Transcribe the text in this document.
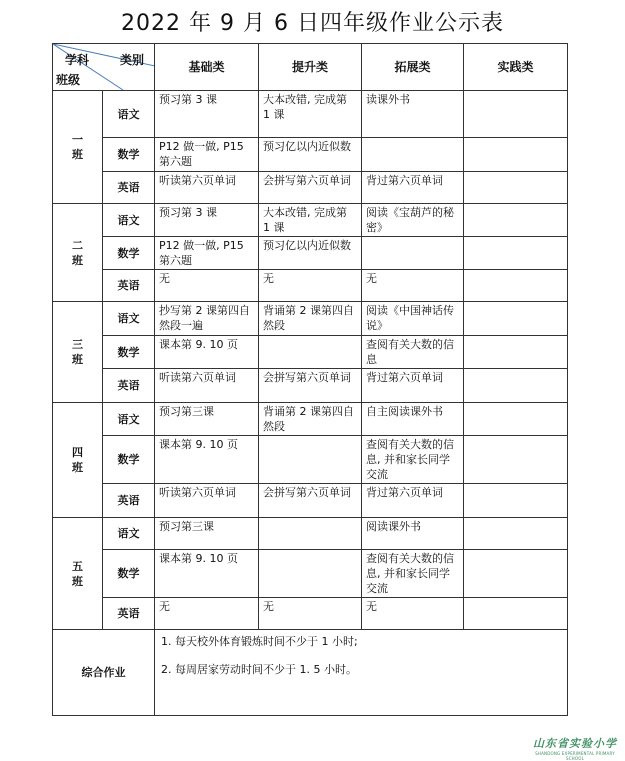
2022 年 9 月 6 日四年级作业公示表
学科 类别
班级		基础类	提升类	拓展类	实践类

一
班	语文	预习第 3 课	大本改错, 完成第 1 课	读课外书	
	数学	P12 做一做, P15 第六题	预习亿以内近似数		
	英语	听读第六页单词	会拼写第六页单词	背过第六页单词	

二
班	语文	预习第 3 课	大本改错, 完成第 1 课	阅读《宝葫芦的秘密》	
	数学	P12 做一做, P15 第六题	预习亿以内近似数		
	英语	无	无	无	

三
班	语文	抄写第 2 课第四自然段一遍	背诵第 2 课第四自然段	阅读《中国神话传说》	
	数学	课本第 9. 10 页		查阅有关大数的信息	
	英语	听读第六页单词	会拼写第六页单词	背过第六页单词	

四
班	语文	预习第三课	背诵第 2 课第四自然段	自主阅读课外书	
	数学	课本第 9. 10 页		查阅有关大数的信息, 并和家长同学交流	
	英语	听读第六页单词	会拼写第六页单词	背过第六页单词	

五
班	语文	预习第三课		阅读课外书	
	数学	课本第 9. 10 页		查阅有关大数的信息, 并和家长同学交流	
	英语	无	无	无	
综合作业		1. 每天校外体育锻炼时间不少于 1 小时;

2. 每周居家劳动时间不少于 1. 5 小时。			

山东省实验小学
SHANDONG EXPERIMENTAL PRIMARY SCHOOL
